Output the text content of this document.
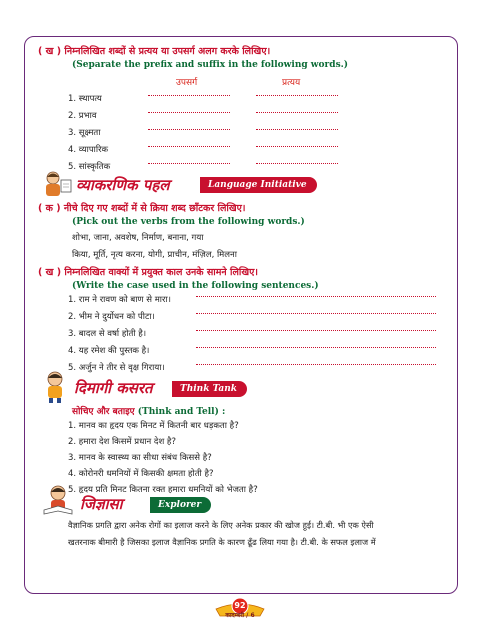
( ख ) निम्नलिखित शब्दों से प्रत्यय या उपसर्ग अलग करके लिखिए।
(Separate the prefix and suffix in the following words.)
उपसर्ग	प्रत्यय
1. स्थापत्य
2. प्रभाव
3. सूक्ष्मता
4. व्यापारिक
5. सांस्कृतिक
व्याकरणिक पहल	Language Initiative
( क ) नीचे दिए गए शब्दों में से क्रिया शब्द छाँटकर लिखिए।
(Pick out the verbs from the following words.)
शोभा, जाना, अवशेष, निर्माण, बनाना, गया
किया, मूर्ति, नृत्य करना, योगी, प्राचीन, मंज़िल, मिलना
( ख ) निम्नलिखित वाक्यों में प्रयुक्त काल उनके सामने लिखिए।
(Write the case used in the following sentences.)
1. राम ने रावण को बाण से मारा।
2. भीम ने दुर्योधन को पीटा।
3. बादल से वर्षा होती है।
4. यह रमेश की पुस्तक है।
5. अर्जुन ने तीर से वृक्ष गिराया।
दिमागी कसरत	Think Tank
सोचिए और बताइए (Think and Tell) :
1. मानव का हृदय एक मिनट में कितनी बार धड़कता है?
2. हमारा देश किसमें प्रधान देश है?
3. मानव के स्वास्थ्य का सीधा संबंध किससे है?
4. कोरोनरी धमनियों में किसकी क्षमता होती है?
5. हृदय प्रति मिनट कितना रक्त हमारा धमनियों को भेजता है?
जिज्ञासा	Explorer
वैज्ञानिक प्रगति द्वारा अनेक रोगों का इलाज करने के लिए अनेक प्रकार की खोज हुई। टी.बी. भी एक ऐसी
खतरनाक बीमारी है जिसका इलाज वैज्ञानिक प्रगति के कारण ढूँढ लिया गया है। टी.बी. के सफल इलाज में
92
कादम्बरी / 6
